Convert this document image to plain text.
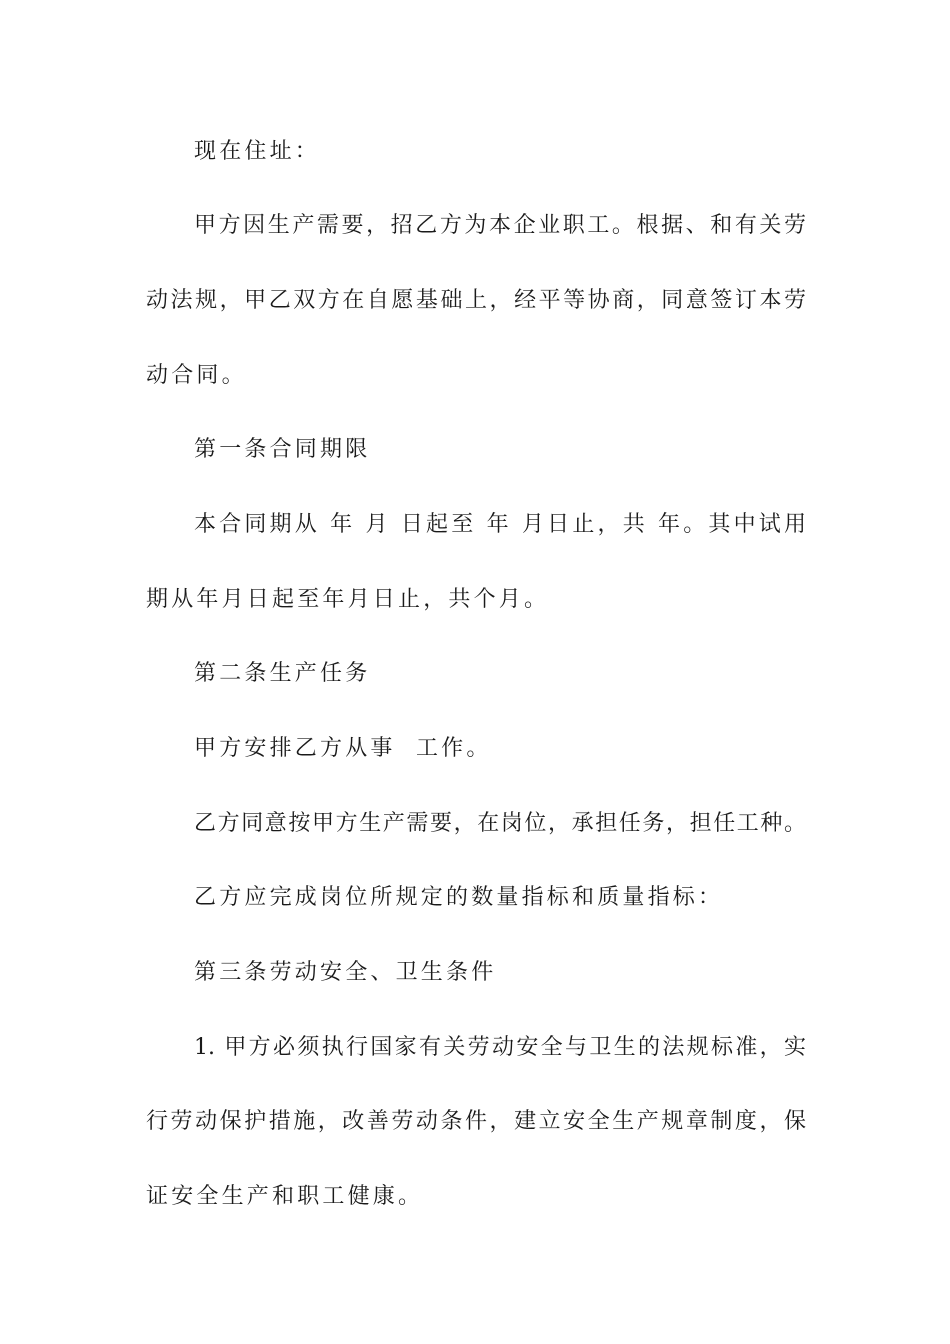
现在住址：
甲方因生产需要，招乙方为本企业职工。根据、和有关劳
动法规，甲乙双方在自愿基础上，经平等协商，同意签订本劳
动合同。
第一条合同期限
本合同期从 年 月 日起至 年 月日止，共 年。其中试用
期从年月日起至年月日止，共个月。
第二条生产任务
甲方安排乙方从事  工作。
乙方同意按甲方生产需要，在岗位，承担任务，担任工种。
乙方应完成岗位所规定的数量指标和质量指标：
第三条劳动安全、卫生条件
1. 甲方必须执行国家有关劳动安全与卫生的法规标准，实
行劳动保护措施，改善劳动条件，建立安全生产规章制度，保
证安全生产和职工健康。
